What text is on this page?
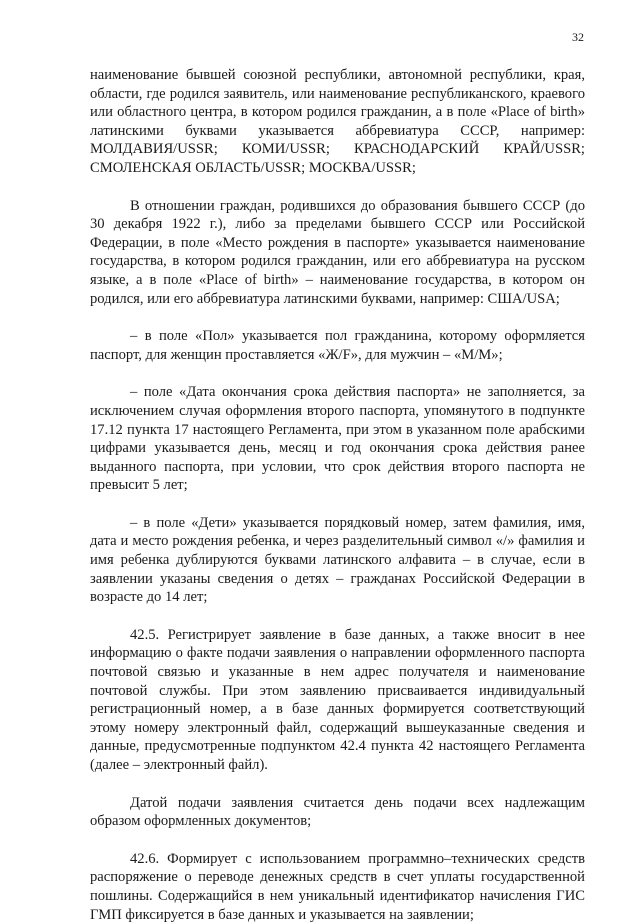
32

наименование бывшей союзной республики, автономной республики, края, области, где родился заявитель, или наименование республиканского, краевого или областного центра, в котором родился гражданин, а в поле «Place of birth» латинскими буквами указывается аббревиатура СССР, например: МОЛДАВИЯ/USSR; КОМИ/USSR; КРАСНОДАРСКИЙ КРАЙ/USSR; СМОЛЕНСКАЯ ОБЛАСТЬ/USSR; МОСКВА/USSR;

В отношении граждан, родившихся до образования бывшего СССР (до 30 декабря 1922 г.), либо за пределами бывшего СССР или Российской Федерации, в поле «Место рождения в паспорте» указывается наименование государства, в котором родился гражданин, или его аббревиатура на русском языке, а в поле «Place of birth» – наименование государства, в котором он родился, или его аббревиатура латинскими буквами, например: США/USA;

– в поле «Пол» указывается пол гражданина, которому оформляется паспорт, для женщин проставляется «Ж/F», для мужчин – «М/M»;

– поле «Дата окончания срока действия паспорта» не заполняется, за исключением случая оформления второго паспорта, упомянутого в подпункте 17.12 пункта 17 настоящего Регламента, при этом в указанном поле арабскими цифрами указывается день, месяц и год окончания срока действия ранее выданного паспорта, при условии, что срок действия второго паспорта не превысит 5 лет;

– в поле «Дети» указывается порядковый номер, затем фамилия, имя, дата и место рождения ребенка, и через разделительный символ «/» фамилия и имя ребенка дублируются буквами латинского алфавита – в случае, если в заявлении указаны сведения о детях – гражданах Российской Федерации в возрасте до 14 лет;

42.5. Регистрирует заявление в базе данных, а также вносит в нее информацию о факте подачи заявления о направлении оформленного паспорта почтовой связью и указанные в нем адрес получателя и наименование почтовой службы. При этом заявлению присваивается индивидуальный регистрационный номер, а в базе данных формируется соответствующий этому номеру электронный файл, содержащий вышеуказанные сведения и данные, предусмотренные подпунктом 42.4 пункта 42 настоящего Регламента (далее – электронный файл).

Датой подачи заявления считается день подачи всех надлежащим образом оформленных документов;

42.6. Формирует с использованием программно–технических средств распоряжение о переводе денежных средств в счет уплаты государственной пошлины. Содержащийся в нем уникальный идентификатор начисления ГИС ГМП фиксируется в базе данных и указывается на заявлении;
